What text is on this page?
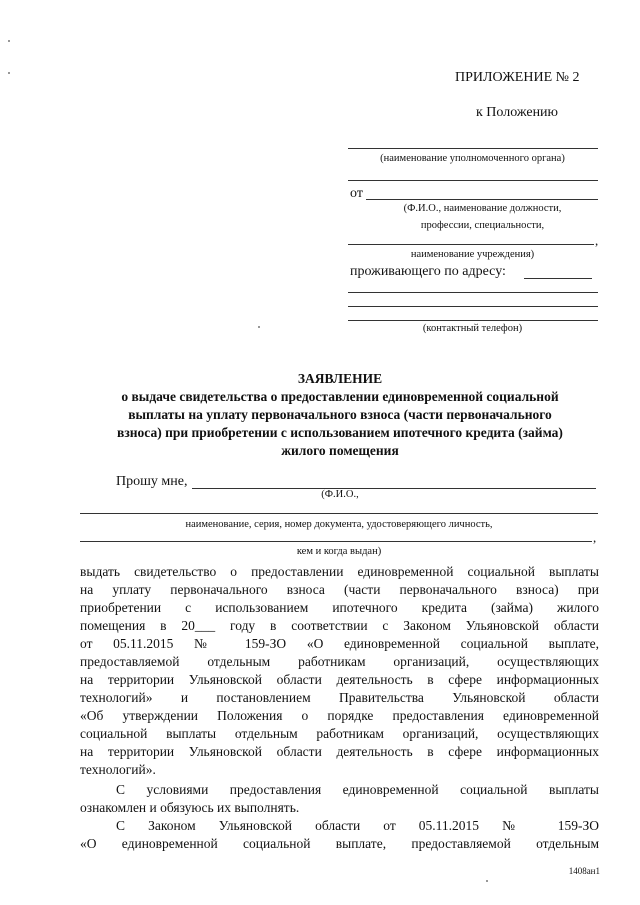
ПРИЛОЖЕНИЕ № 2
к Положению
(наименование уполномоченного органа)
от
(Ф.И.О., наименование должности,
профессии, специальности,
,
наименование учреждения)
проживающего по адресу:
(контактный телефон)
ЗАЯВЛЕНИЕ
о выдаче свидетельства о предоставлении единовременной социальной
выплаты на уплату первоначального взноса (части первоначального
взноса) при приобретении с использованием ипотечного кредита (займа)
жилого помещения
Прошу мне,
(Ф.И.О.,
наименование, серия, номер документа, удостоверяющего личность,
,
кем и когда выдан)
выдать свидетельство о предоставлении единовременной социальной выплаты
на уплату первоначального взноса (части первоначального взноса) при
приобретении с использованием ипотечного кредита (займа) жилого
помещения в 20___ году в соответствии с Законом Ульяновской области
от 05.11.2015 № 159-ЗО «О единовременной социальной выплате,
предоставляемой отдельным работникам организаций, осуществляющих
на территории Ульяновской области деятельность в сфере информационных
технологий» и постановлением Правительства Ульяновской области
«Об утверждении Положения о порядке предоставления единовременной
социальной выплаты отдельным работникам организаций, осуществляющих
на территории Ульяновской области деятельность в сфере информационных
технологий».
С условиями предоставления единовременной социальной выплаты
ознакомлен и обязуюсь их выполнять.
С Законом Ульяновской области от 05.11.2015 № 159-ЗО
«О единовременной социальной выплате, предоставляемой отдельным
1408ан1
